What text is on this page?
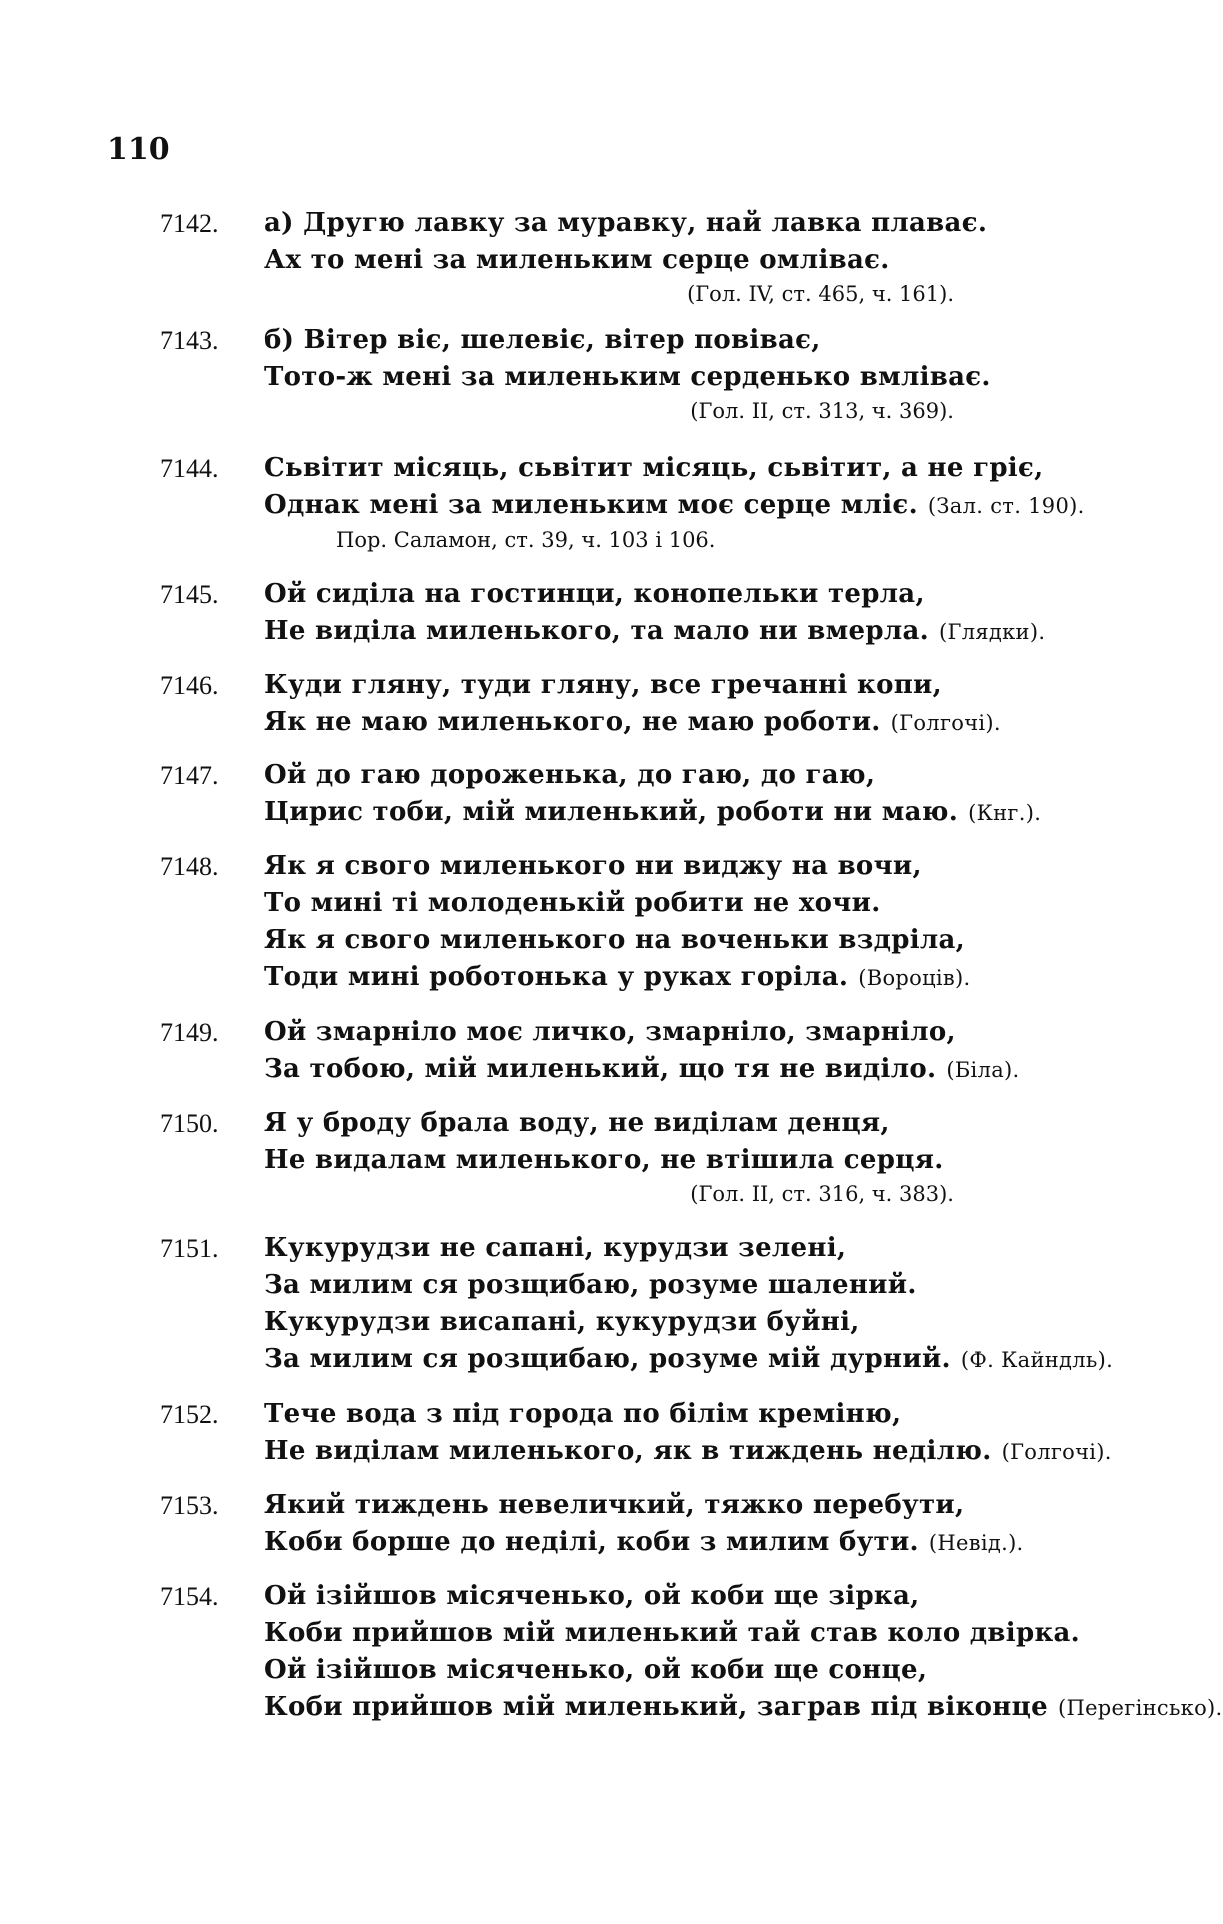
110
7142.	а) Другю лавку за муравку, най лавка плаває.
Ах то мені за миленьким серце омліває.
(Гол. IV, ст. 465, ч. 161).
7143.	б) Вітер віє, шелевіє, вітер повіває,
Тото-ж мені за миленьким серденько вмліває.
(Гол. II, ст. 313, ч. 369).
7144.	Сьвітит місяць, сьвітит місяць, сьвітит, а не гріє,
Однак мені за миленьким моє серце мліє. (Зал. ст. 190).
Пор. Саламон, ст. 39, ч. 103 і 106.
7145.	Ой сиділа на гостинци, конопельки терла,
Не виділа миленького, та мало ни вмерла. (Глядки).
7146.	Куди гляну, туди гляну, все гречанні копи,
Як не маю миленького, не маю роботи. (Голгочі).
7147.	Ой до гаю дороженька, до гаю, до гаю,
Цирис тоби, мій миленький, роботи ни маю. (Кнг.).
7148.	Як я свого миленького ни виджу на вочи,
То мині ті молоденькій робити не хочи.
Як я свого миленького на воченьки вздріла,
Тоди мині роботонька у руках горіла. (Вороців).
7149.	Ой змарніло моє личко, змарніло, змарніло,
За тобою, мій миленький, що тя не виділо. (Біла).
7150.	Я у броду брала воду, не виділам денця,
Не видалам миленького, не втішила серця.
(Гол. II, ст. 316, ч. 383).
7151.	Кукурудзи не сапані, курудзи зелені,
За милим ся розщибаю, розуме шалений.
Кукурудзи висапані, кукурудзи буйні,
За милим ся розщибаю, розуме мій дурний. (Ф. Кайндль).
7152.	Тече вода з під города по білім креміню,
Не виділам миленького, як в тиждень неділю. (Голгочі).
7153.	Який тиждень невеличкий, тяжко перебути,
Коби борше до неділі, коби з милим бути. (Невід.).
7154.	Ой ізійшов місяченько, ой коби ще зірка,
Коби прийшов мій миленький тай став коло двірка.
Ой ізійшов місяченько, ой коби ще сонце,
Коби прийшов мій миленький, заграв під віконце (Перегінсько).
